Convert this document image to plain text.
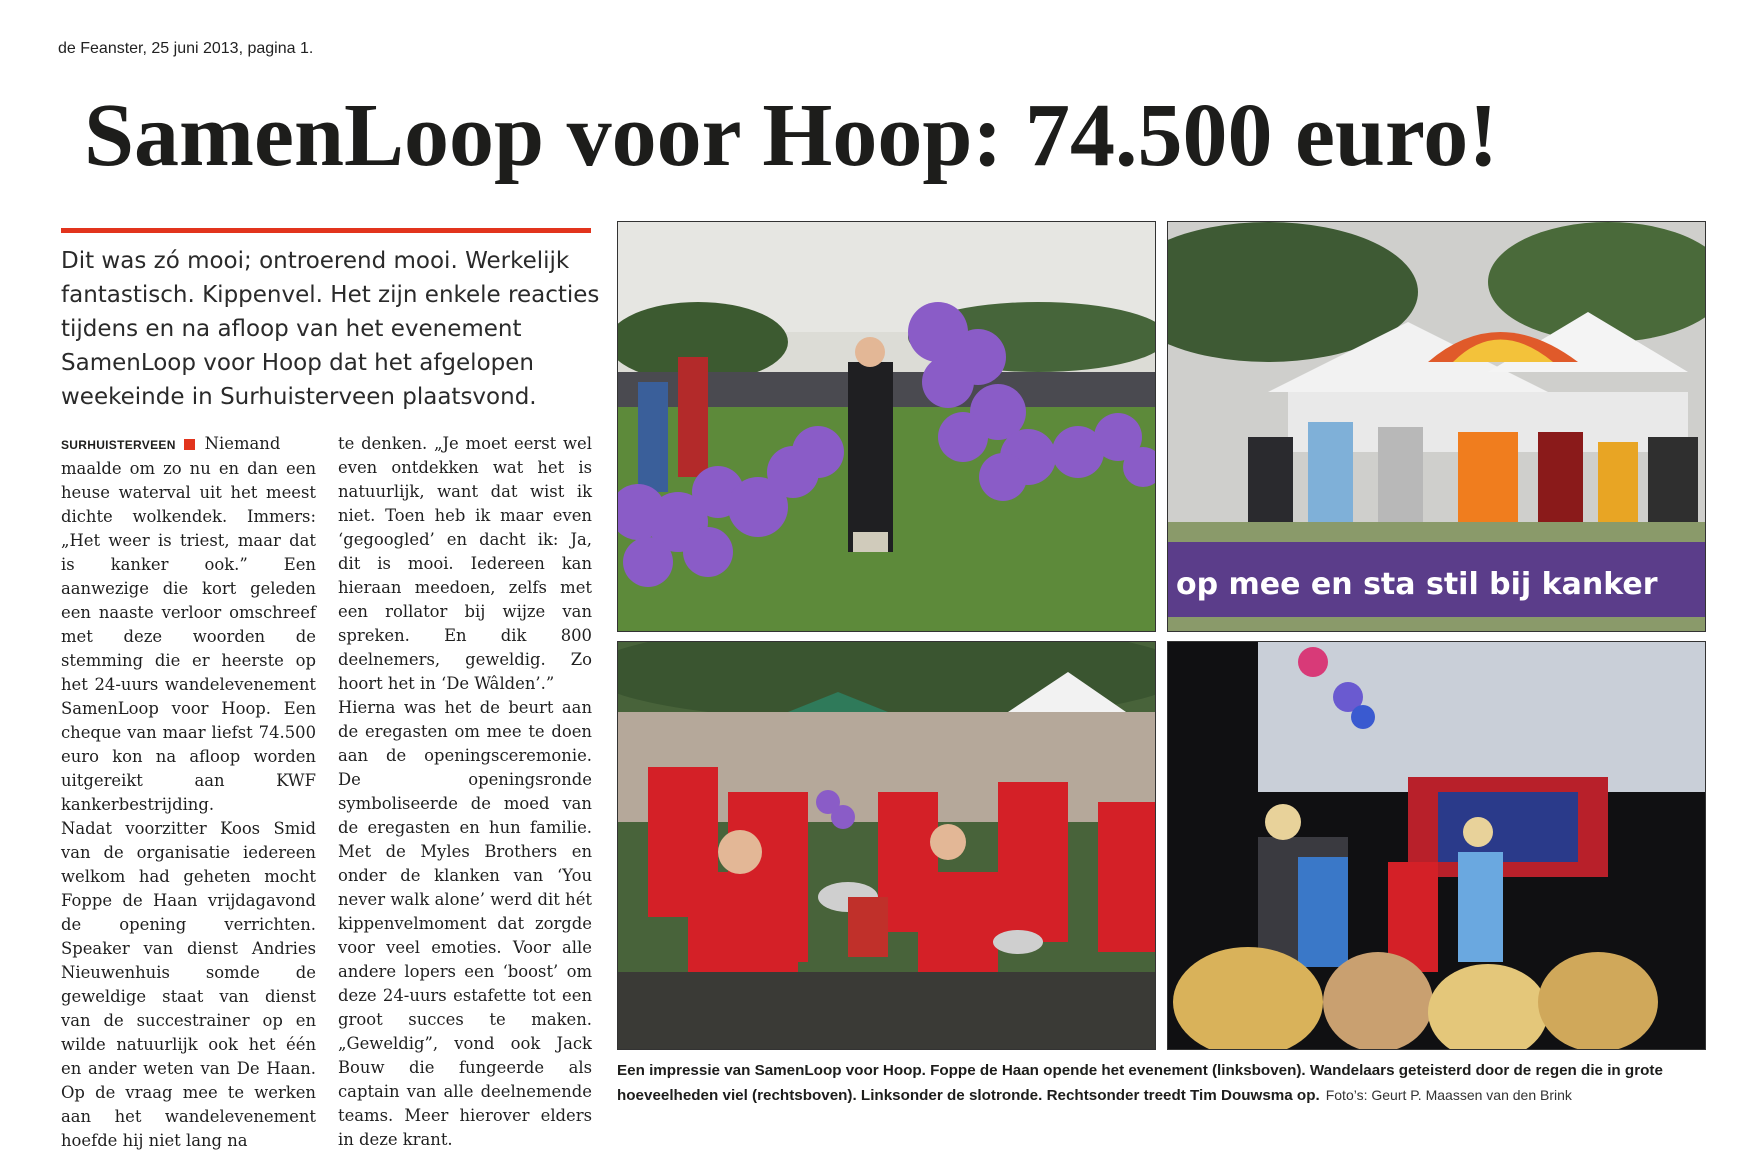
de Feanster, 25 juni 2013, pagina 1.
SamenLoop voor Hoop: 74.500 euro!
Dit was zó mooi; ontroerend mooi. Werkelijk fantastisch. Kippenvel. Het zijn enkele reacties tijdens en na afloop van het evenement SamenLoop voor Hoop dat het afgelopen weekeinde in Surhuisterveen plaatsvond.

SURHUISTERVEEN Niemand maalde om zo nu en dan een heuse waterval uit het meest dichte wolkendek. Immers: „Het weer is triest, maar dat is kanker ook.” Een aanwezige die kort geleden een naaste verloor omschreef met deze woorden de stemming die er heerste op het 24-uurs wandelevenement SamenLoop voor Hoop. Een cheque van maar liefst 74.500 euro kon na afloop worden uitgereikt aan KWF kankerbestrijding.

Nadat voorzitter Koos Smid van de organisatie iedereen welkom had geheten mocht Foppe de Haan vrijdagavond de opening verrichten. Speaker van dienst Andries Nieuwenhuis somde de geweldige staat van dienst van de succestrainer op en wilde natuurlijk ook het één en ander weten van De Haan. Op de vraag mee te werken aan het wandelevenement hoefde hij niet lang na

te denken. „Je moet eerst wel even ontdekken wat het is natuurlijk, want dat wist ik niet. Toen heb ik maar even ‘gegoogled’ en dacht ik: Ja, dit is mooi. Iedereen kan hieraan meedoen, zelfs met een rollator bij wijze van spreken. En dik 800 deelnemers, geweldig. Zo hoort het in ‘De Wâlden’.”

Hierna was het de beurt aan de eregasten om mee te doen aan de openingsceremonie. De openingsronde symboliseerde de moed van de eregasten en hun familie. Met de Myles Brothers en onder de klanken van ‘You never walk alone’ werd dit hét kippenvelmoment dat zorgde voor veel emoties. Voor alle andere lopers een ‘boost’ om deze 24-uurs estafette tot een groot succes te maken. „Geweldig”, vond ook Jack Bouw die fungeerde als captain van alle deelnemende teams. Meer hierover elders in deze krant.

op mee en sta stil bij kanker
Een impressie van SamenLoop voor Hoop. Foppe de Haan opende het evenement (linksboven). Wandelaars geteisterd door de regen die in grote hoeveelheden viel (rechtsboven). Linksonder de slotronde. Rechtsonder treedt Tim Douwsma op. Foto’s: Geurt P. Maassen van den Brink
